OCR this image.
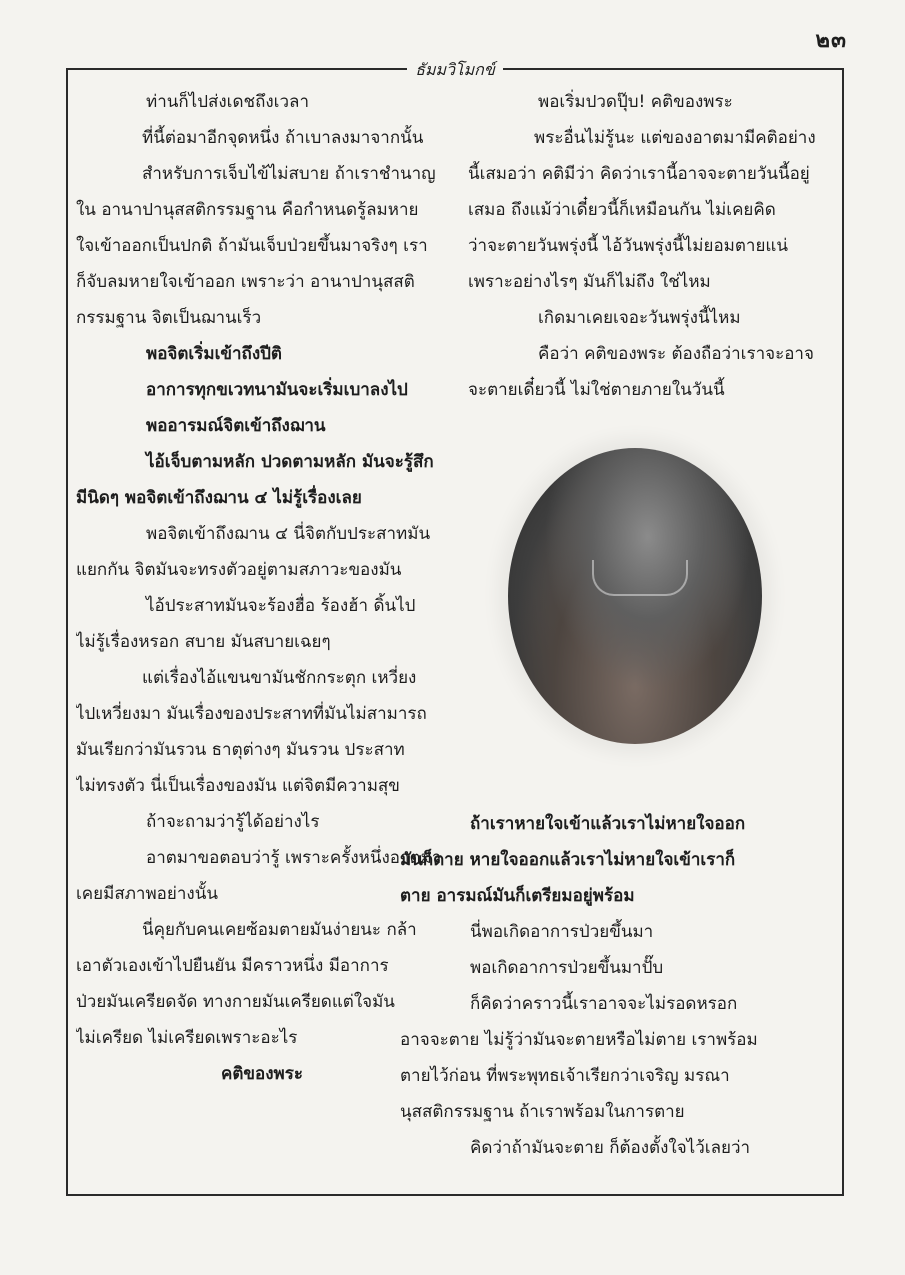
๒๓
ธัมมวิโมกข์
ท่านก็ไปส่งเดชถึงเวลา
ที่นี้ต่อมาอีกจุดหนึ่ง ถ้าเบาลงมาจากนั้น
สำหรับการเจ็บไข้ไม่สบาย ถ้าเราชำนาญ
ใน อานาปานุสสติกรรมฐาน คือกำหนดรู้ลมหาย
ใจเข้าออกเป็นปกติ ถ้ามันเจ็บป่วยขึ้นมาจริงๆ เรา
ก็จับลมหายใจเข้าออก เพราะว่า อานาปานุสสติ
กรรมฐาน จิตเป็นฌานเร็ว
พอจิตเริ่มเข้าถึงปีติ
อาการทุกขเวทนามันจะเริ่มเบาลงไป
พออารมณ์จิตเข้าถึงฌาน
ไอ้เจ็บตามหลัก ปวดตามหลัก มันจะรู้สึก
มีนิดๆ พอจิตเข้าถึงฌาน ๔ ไม่รู้เรื่องเลย
พอจิตเข้าถึงฌาน ๔ นี่จิตกับประสาทมัน
แยกกัน จิตมันจะทรงตัวอยู่ตามสภาวะของมัน
ไอ้ประสาทมันจะร้องฮื่อ ร้องฮ้า ดิ้นไป
ไม่รู้เรื่องหรอก สบาย มันสบายเฉยๆ
แต่เรื่องไอ้แขนขามันชักกระตุก เหวี่ยง
ไปเหวี่ยงมา มันเรื่องของประสาทที่มันไม่สามารถ
มันเรียกว่ามันรวน ธาตุต่างๆ มันรวน ประสาท
ไม่ทรงตัว นี่เป็นเรื่องของมัน แต่จิตมีความสุข
ถ้าจะถามว่ารู้ได้อย่างไร
อาตมาขอตอบว่ารู้ เพราะครั้งหนึ่งอาตมา
เคยมีสภาพอย่างนั้น
นี่คุยกับคนเคยซ้อมตายมันง่ายนะ กล้า
เอาตัวเองเข้าไปยืนยัน มีคราวหนึ่ง มีอาการ
ป่วยมันเครียดจัด ทางกายมันเครียดแต่ใจมัน
ไม่เครียด ไม่เครียดเพราะอะไร
คติของพระ
พอเริ่มปวดปุ๊บ! คติของพระ
พระอื่นไม่รู้นะ แต่ของอาตมามีคติอย่าง
นี้เสมอว่า คติมีว่า คิดว่าเรานี้อาจจะตายวันนี้อยู่
เสมอ ถึงแม้ว่าเดี๋ยวนี้ก็เหมือนกัน ไม่เคยคิด
ว่าจะตายวันพรุ่งนี้ ไอ้วันพรุ่งนี้ไม่ยอมตายแน่
เพราะอย่างไรๆ มันก็ไม่ถึง ใช่ไหม
เกิดมาเคยเจอะวันพรุ่งนี้ไหม
คือว่า คติของพระ ต้องถือว่าเราจะอาจ
จะตายเดี๋ยวนี้ ไม่ใช่ตายภายในวันนี้
ถ้าเราหายใจเข้าแล้วเราไม่หายใจออก
มันก็ตาย หายใจออกแล้วเราไม่หายใจเข้าเราก็
ตาย อารมณ์มันก็เตรียมอยู่พร้อม
นี่พอเกิดอาการป่วยขึ้นมา
พอเกิดอาการป่วยขึ้นมาปั๊บ
ก็คิดว่าคราวนี้เราอาจจะไม่รอดหรอก
อาจจะตาย ไม่รู้ว่ามันจะตายหรือไม่ตาย เราพร้อม
ตายไว้ก่อน ที่พระพุทธเจ้าเรียกว่าเจริญ มรณา
นุสสติกรรมฐาน ถ้าเราพร้อมในการตาย
คิดว่าถ้ามันจะตาย ก็ต้องตั้งใจไว้เลยว่า
